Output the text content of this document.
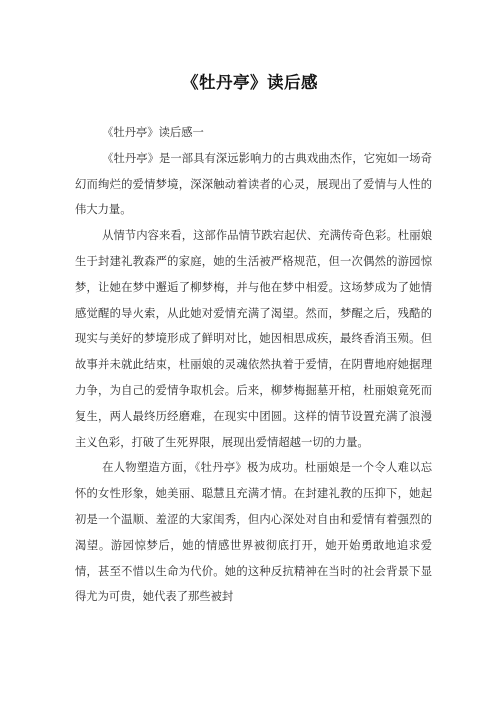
《牡丹亭》读后感

《牡丹亭》读后感一

《牡丹亭》是一部具有深远影响力的古典戏曲杰作，它宛如一场奇幻而绚烂的爱情梦境，深深触动着读者的心灵，展现出了爱情与人性的伟大力量。

从情节内容来看，这部作品情节跌宕起伏、充满传奇色彩。杜丽娘生于封建礼教森严的家庭，她的生活被严格规范，但一次偶然的游园惊梦，让她在梦中邂逅了柳梦梅，并与他在梦中相爱。这场梦成为了她情感觉醒的导火索，从此她对爱情充满了渴望。然而，梦醒之后，残酷的现实与美好的梦境形成了鲜明对比，她因相思成疾，最终香消玉殒。但故事并未就此结束，杜丽娘的灵魂依然执着于爱情，在阴曹地府她据理力争，为自己的爱情争取机会。后来，柳梦梅掘墓开棺，杜丽娘竟死而复生，两人最终历经磨难，在现实中团圆。这样的情节设置充满了浪漫主义色彩，打破了生死界限，展现出爱情超越一切的力量。

在人物塑造方面，《牡丹亭》极为成功。杜丽娘是一个令人难以忘怀的女性形象，她美丽、聪慧且充满才情。在封建礼教的压抑下，她起初是一个温顺、羞涩的大家闺秀，但内心深处对自由和爱情有着强烈的渴望。游园惊梦后，她的情感世界被彻底打开，她开始勇敢地追求爱情，甚至不惜以生命为代价。她的这种反抗精神在当时的社会背景下显得尤为可贵，她代表了那些被封
